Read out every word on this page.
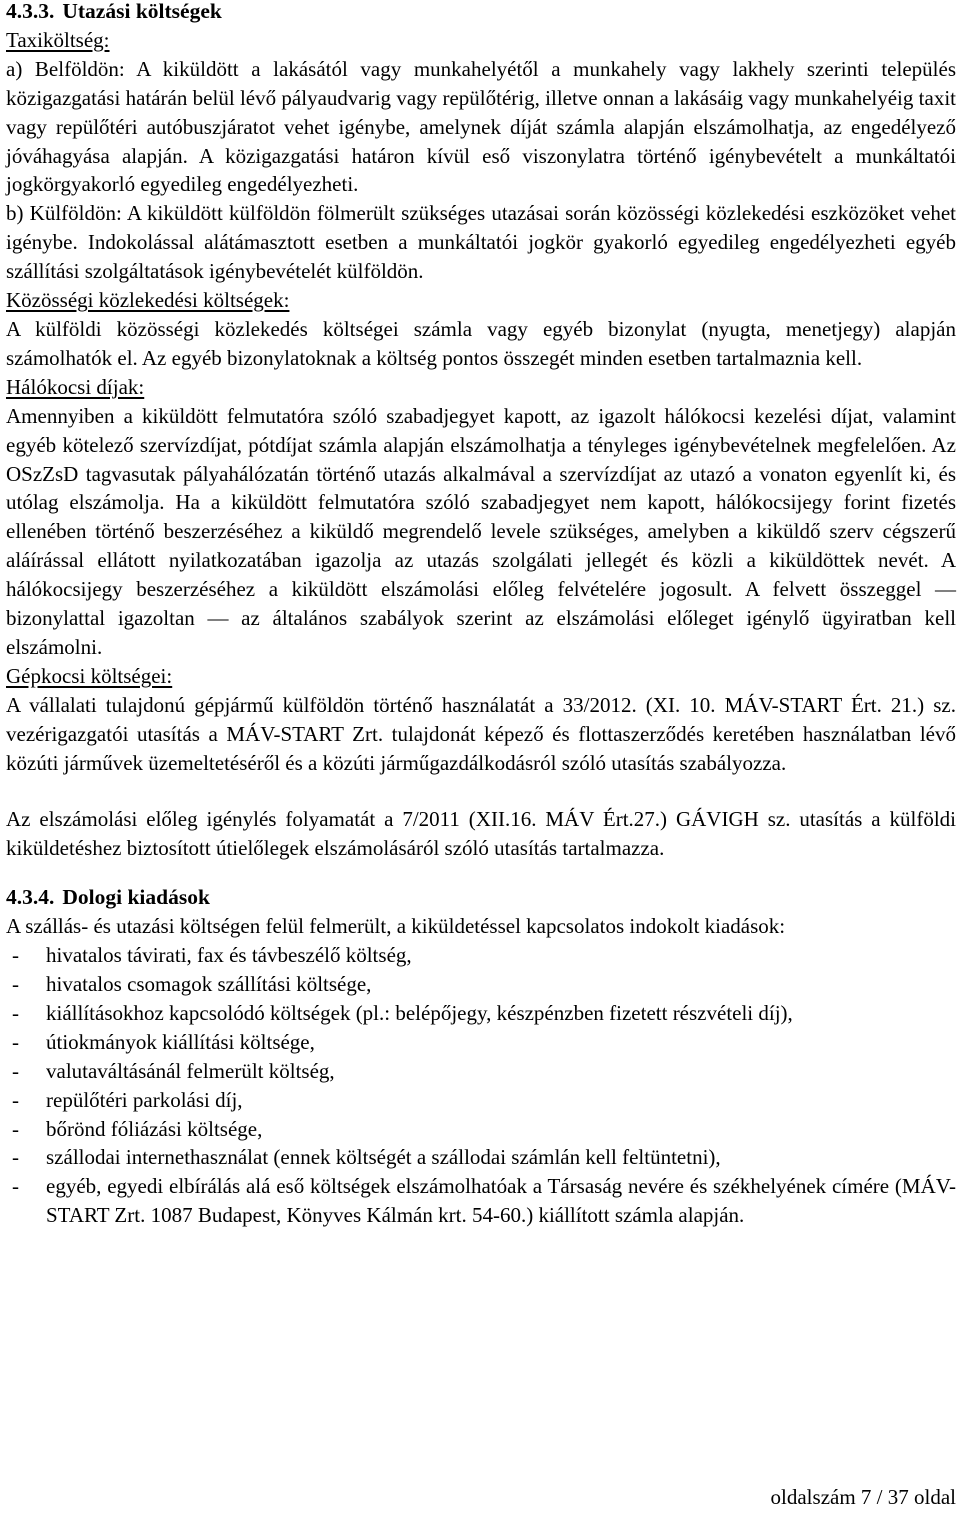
4.3.3. Utazási költségek

Taxiköltség:

a) Belföldön: A kiküldött a lakásától vagy munkahelyétől a munkahely vagy lakhely szerinti település közigazgatási határán belül lévő pályaudvarig vagy repülőtérig, illetve onnan a lakásáig vagy munkahelyéig taxit vagy repülőtéri autóbuszjáratot vehet igénybe, amelynek díját számla alapján elszámolhatja, az engedélyező jóváhagyása alapján. A közigazgatási határon kívül eső viszonylatra történő igénybevételt a munkáltatói jogkörgyakorló egyedileg engedélyezheti.

b) Külföldön: A kiküldött külföldön fölmerült szükséges utazásai során közösségi közlekedési eszközöket vehet igénybe. Indokolással alátámasztott esetben a munkáltatói jogkör gyakorló egyedileg engedélyezheti egyéb szállítási szolgáltatások igénybevételét külföldön.

Közösségi közlekedési költségek:

A külföldi közösségi közlekedés költségei számla vagy egyéb bizonylat (nyugta, menetjegy) alapján számolhatók el. Az egyéb bizonylatoknak a költség pontos összegét minden esetben tartalmaznia kell.

Hálókocsi díjak:

Amennyiben a kiküldött felmutatóra szóló szabadjegyet kapott, az igazolt hálókocsi kezelési díjat, valamint egyéb kötelező szervízdíjat, pótdíjat számla alapján elszámolhatja a tényleges igénybevételnek megfelelően. Az OSzZsD tagvasutak pályahálózatán történő utazás alkalmával a szervízdíjat az utazó a vonaton egyenlít ki, és utólag elszámolja. Ha a kiküldött felmutatóra szóló szabadjegyet nem kapott, hálókocsijegy forint fizetés ellenében történő beszerzéséhez a kiküldő megrendelő levele szükséges, amelyben a kiküldő szerv cégszerű aláírással ellátott nyilatkozatában igazolja az utazás szolgálati jellegét és közli a kiküldöttek nevét. A hálókocsijegy beszerzéséhez a kiküldött elszámolási előleg felvételére jogosult. A felvett összeggel — bizonylattal igazoltan — az általános szabályok szerint az elszámolási előleget igénylő ügyiratban kell elszámolni.

Gépkocsi költségei:

A vállalati tulajdonú gépjármű külföldön történő használatát a 33/2012. (XI. 10. MÁV-START Ért. 21.) sz. vezérigazgatói utasítás a MÁV-START Zrt. tulajdonát képező és flottaszerződés keretében használatban lévő közúti járművek üzemeltetéséről és a közúti járműgazdálkodásról szóló utasítás szabályozza.

Az elszámolási előleg igénylés folyamatát a 7/2011 (XII.16. MÁV Ért.27.) GÁVIGH sz. utasítás a külföldi kiküldetéshez biztosított útielőlegek elszámolásáról szóló utasítás tartalmazza.

4.3.4. Dologi kiadások

A szállás- és utazási költségen felül felmerült, a kiküldetéssel kapcsolatos indokolt kiadások:

- hivatalos távirati, fax és távbeszélő költség,
- hivatalos csomagok szállítási költsége,
- kiállításokhoz kapcsolódó költségek (pl.: belépőjegy, készpénzben fizetett részvételi díj),
- útiokmányok kiállítási költsége,
- valutaváltásánál felmerült költség,
- repülőtéri parkolási díj,
- bőrönd fóliázási költsége,
- szállodai internethasználat (ennek költségét a szállodai számlán kell feltüntetni),
- egyéb, egyedi elbírálás alá eső költségek elszámolhatóak a Társaság nevére és székhelyének címére (MÁV-START Zrt. 1087 Budapest, Könyves Kálmán krt. 54-60.) kiállított számla alapján.
oldalszám 7 / 37 oldal
